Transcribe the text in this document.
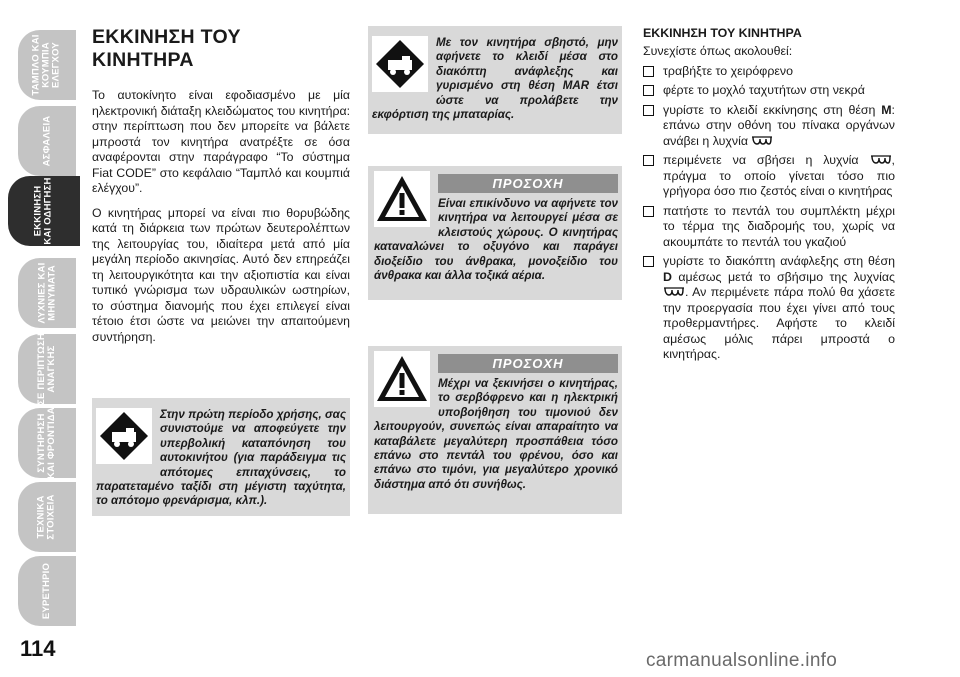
ΤΑΜΠΛΟ ΚΑΙ
ΚΟΥΜΠΙΑ
ΕΛΕΓΧΟΥ
ΑΣΦΑΛΕΙΑ
ΕΚΚΙΝΗΣΗ
ΚΑΙ ΟΔΗΓΗΣΗ
ΛΥΧΝΙΕΣ ΚΑΙ
ΜΗΝΥΜΑΤΑ
ΣΕ ΠΕΡΙΠΤΩΣΗ
ΑΝΑΓΚΗΣ
ΣΥΝΤΗΡΗΣΗ
ΚΑΙ ΦΡΟΝΤΙΔΑ
ΤΕΧΝΙΚΑ
ΣΤΟΙΧΕΙΑ
ΕΥΡΕΤΗΡΙΟ
114
ΕΚΚΙΝΗΣΗ ΤΟΥ
ΚΙΝΗΤΗΡΑ

Το αυτοκίνητο είναι εφοδιασμένο με μία ηλεκτρονική διάταξη κλειδώματος του κινητήρα: στην περίπτωση που δεν μπορείτε να βάλετε μπροστά τον κινητήρα ανατρέξτε σε όσα αναφέρονται στην παράγραφο “Το σύστημα Fiat CODE” στο κεφάλαιο “Ταμπλό και κουμπιά ελέγχου”.

Ο κινητήρας μπορεί να είναι πιο θορυβώδης κατά τη διάρκεια των πρώτων δευτερολέπτων της λειτουργίας του, ιδιαίτερα μετά από μία μεγάλη περίοδο ακινησίας. Αυτό δεν επηρεάζει τη λειτουργικότητα και την αξιοπιστία και είναι τυπικό γνώρισμα των υδραυλικών ωστηρίων, το σύστημα διανομής που έχει επιλεγεί είναι τέτοιο έτσι ώστε να μειώνει την απαιτούμενη συντήρηση.

Στην πρώτη περίοδο χρήσης, σας συνιστούμε να αποφεύγετε την υπερβολική καταπόνηση του αυτοκινήτου (για παράδειγμα τις απότομες επιταχύνσεις, το παρατεταμένο ταξίδι στη μέγιστη ταχύτητα, το απότομο φρενάρισμα, κλπ.).
Με τον κινητήρα σβηστό, μην αφήνετε το κλειδί μέσα στο διακόπτη ανάφλεξης και γυρισμένο στη θέση MAR έτσι ώστε να προλάβετε την εκφόρτιση της μπαταρίας.
ΠΡΟΣΟΧΗ
Είναι επικίνδυνο να αφήνετε τον κινητήρα να λειτουργεί μέσα σε κλειστούς χώρους. Ο κινητήρας καταναλώνει το οξυγόνο και παράγει διοξείδιο του άνθρακα, μονοξείδιο του άνθρακα και άλλα τοξικά αέρια.
ΠΡΟΣΟΧΗ
Μέχρι να ξεκινήσει ο κινητήρας, το σερβόφρενο και η ηλεκτρική υποβοήθηση του τιμονιού δεν λειτουργούν, συνεπώς είναι απαραίτητο να καταβάλετε μεγαλύτερη προσπάθεια τόσο επάνω στο πεντάλ του φρένου, όσο και επάνω στο τιμόνι, για μεγαλύτερο χρονικό διάστημα από ότι συνήθως.
ΕΚΚΙΝΗΣΗ ΤΟΥ ΚΙΝΗΤΗΡΑ
Συνεχίστε όπως ακολουθεί:
τραβήξτε το χειρόφρενο
φέρτε το μοχλό ταχυτήτων στη νεκρά
γυρίστε το κλειδί εκκίνησης στη θέση M: επάνω στην οθόνη του πίνακα οργάνων ανάβει η λυχνία
περιμένετε να σβήσει η λυχνία	, πράγμα το οποίο γίνεται τόσο πιο γρήγορα όσο πιο ζεστός είναι ο κινητήρας
πατήστε το πεντάλ του συμπλέκτη μέχρι το τέρμα της διαδρομής του, χωρίς να ακουμπάτε το πεντάλ του γκαζιού
γυρίστε το διακόπτη ανάφλεξης στη θέση D αμέσως μετά το σβήσιμο της λυχνίας . Αν περιμένετε πάρα πολύ θα χάσετε την προεργασία που έχει γίνει από τους προθερμαντήρες. Αφήστε το κλειδί αμέσως μόλις πάρει μπροστά ο κινητήρας.
carmanualsonline.info
